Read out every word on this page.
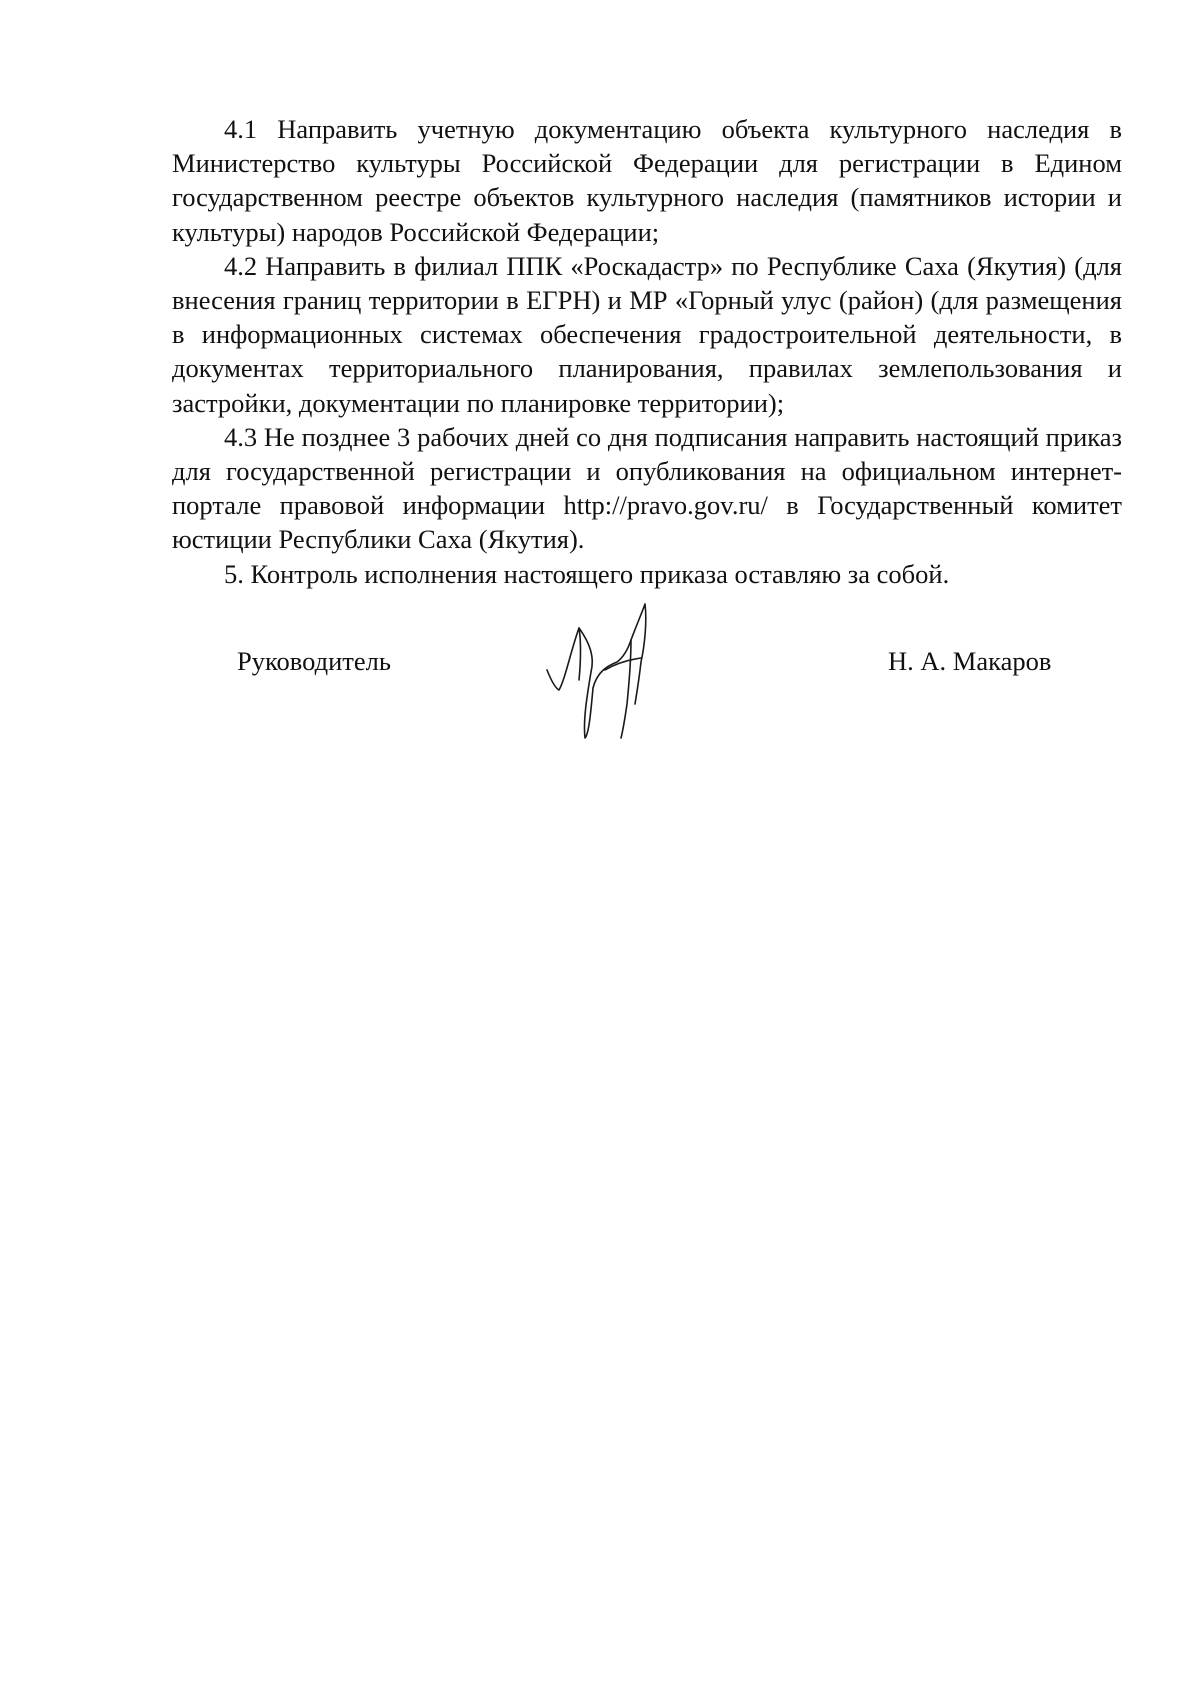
4.1 Направить учетную документацию объекта культурного наследия в Министерство культуры Российской Федерации для регистрации в Едином государственном реестре объектов культурного наследия (памятников истории и культуры) народов Российской Федерации;

4.2 Направить в филиал ППК «Роскадастр» по Республике Саха (Якутия) (для внесения границ территории в ЕГРН) и МР «Горный улус (район) (для размещения в информационных системах обеспечения градостроительной деятельности, в документах территориального планирования, правилах землепользования и застройки, документации по планировке территории);

4.3 Не позднее 3 рабочих дней со дня подписания направить настоящий приказ для государственной регистрации и опубликования на официальном интернет-портале правовой информации http://pravo.gov.ru/ в Государственный комитет юстиции Республики Саха (Якутия).

5. Контроль исполнения настоящего приказа оставляю за собой.

Руководитель	Н. А. Макаров
